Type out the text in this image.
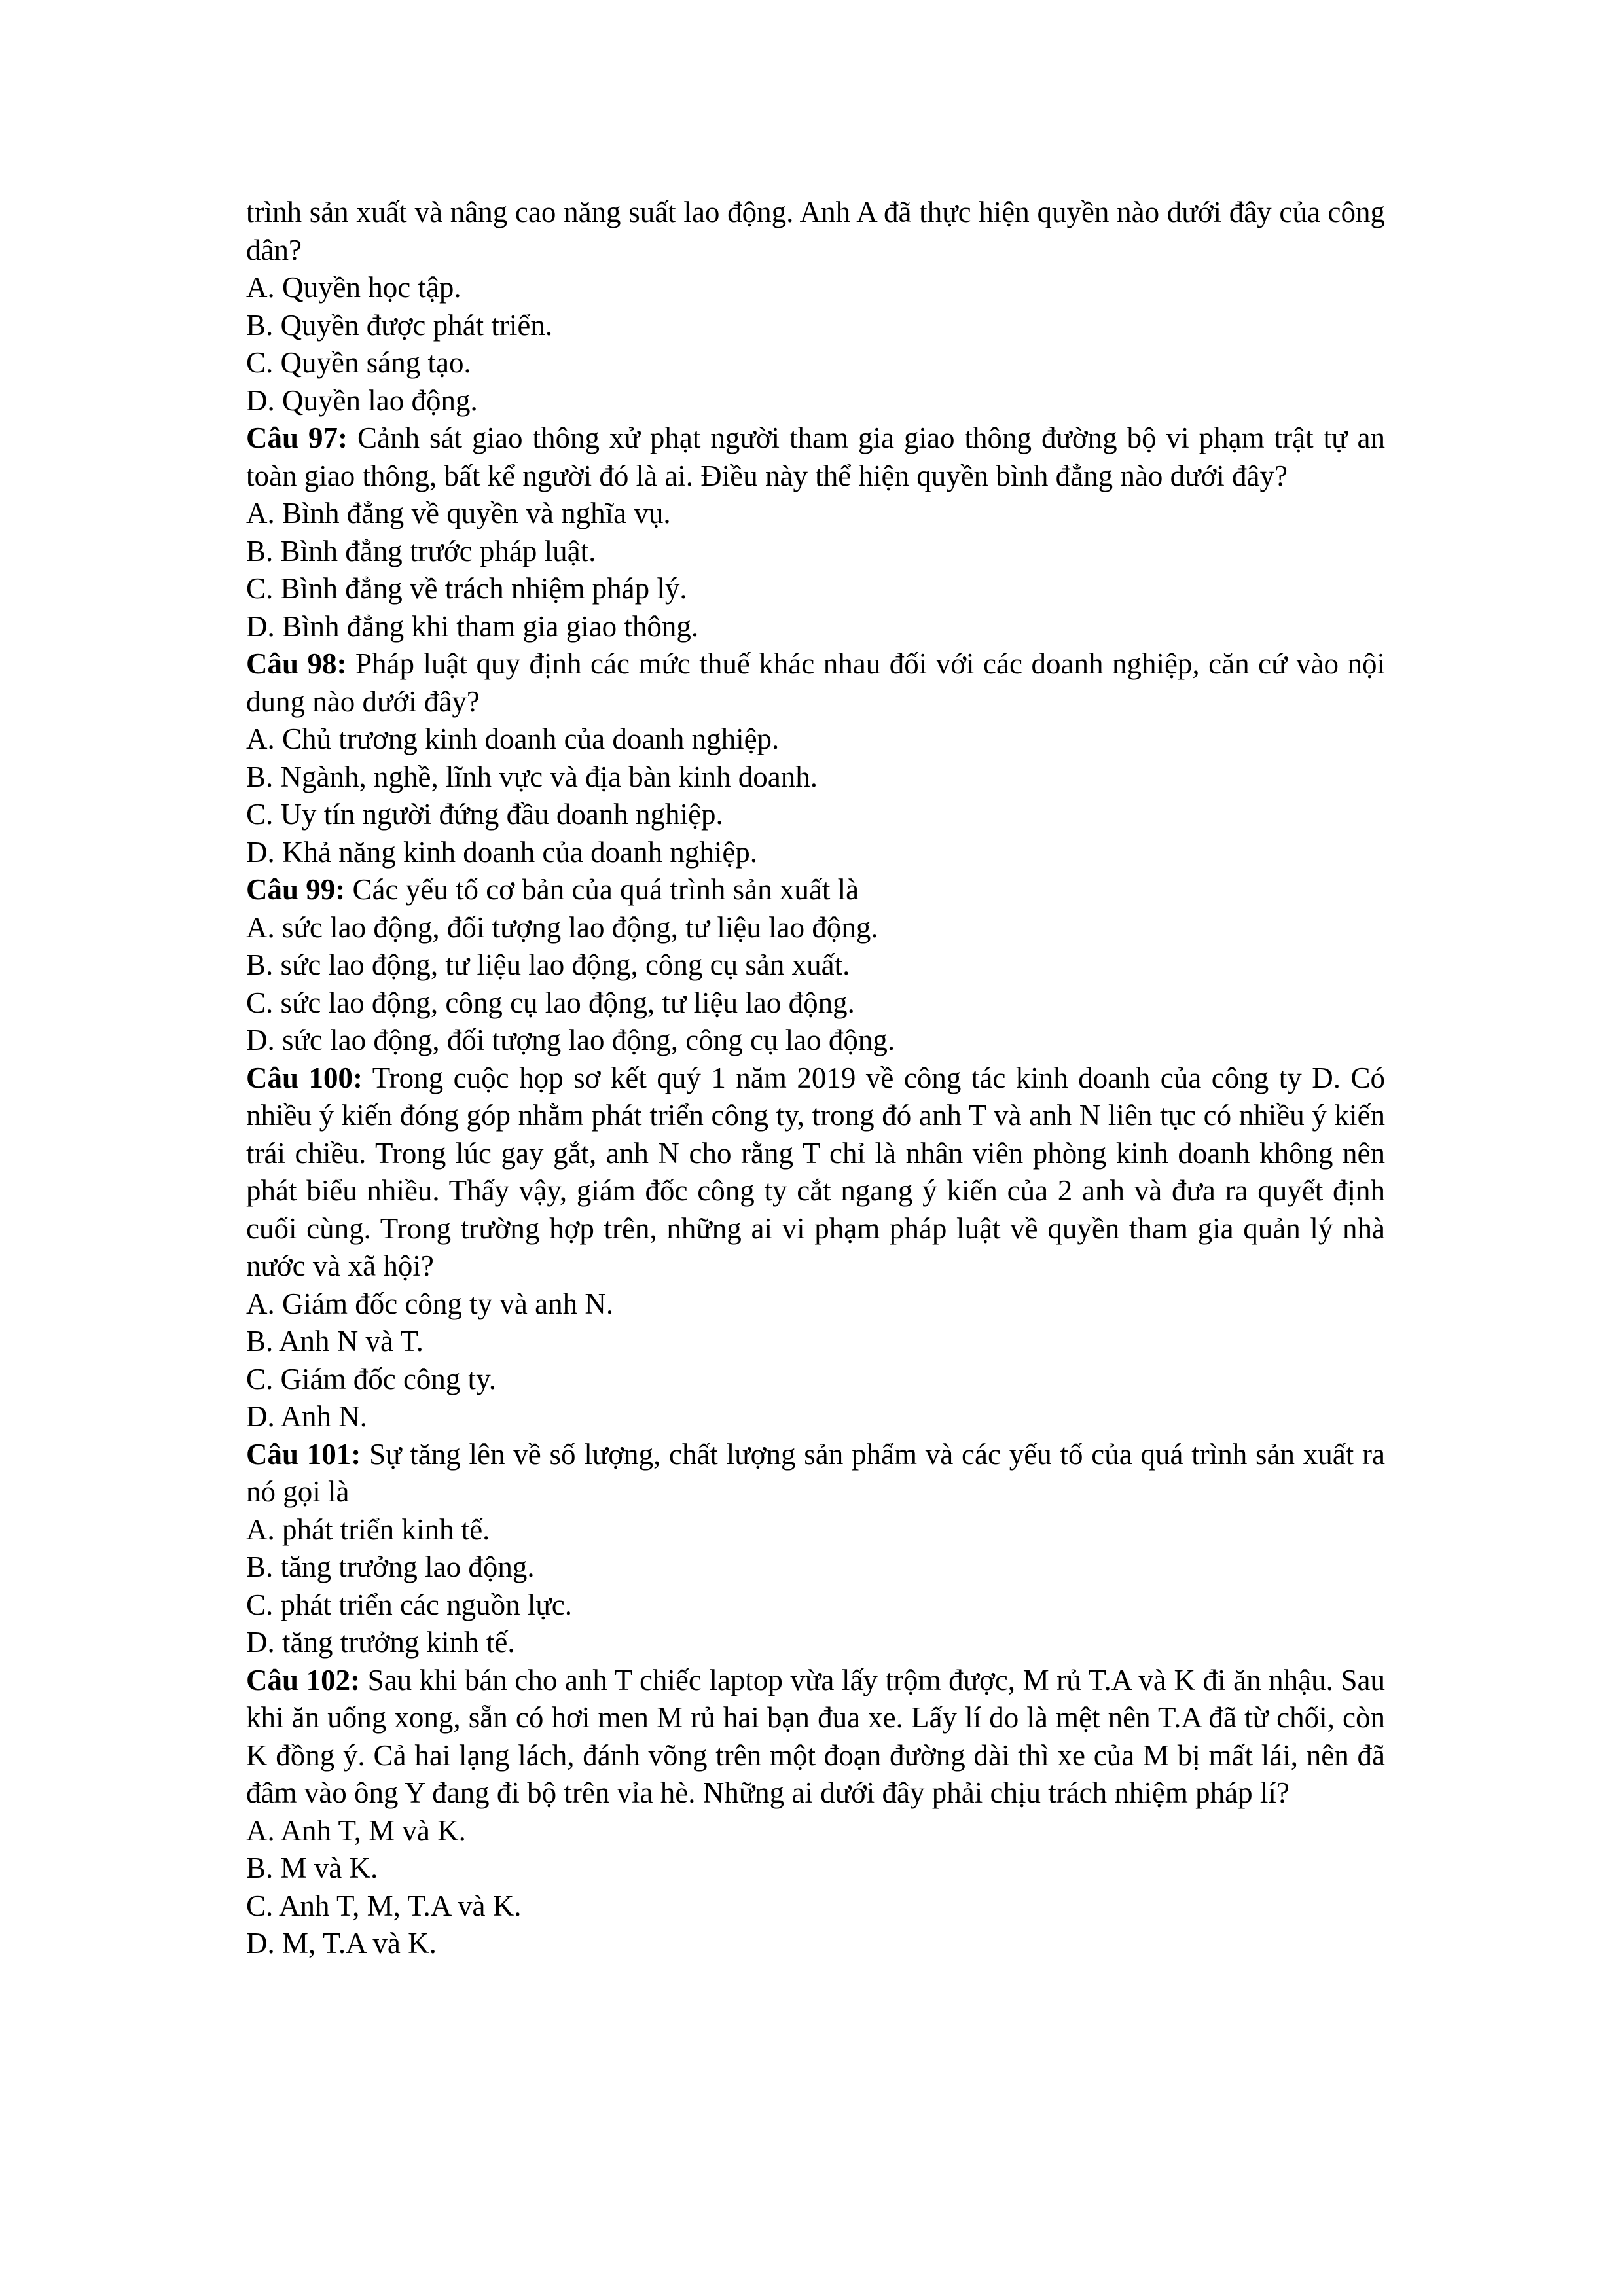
trình sản xuất và nâng cao năng suất lao động. Anh A đã thực hiện quyền nào dưới đây của công dân?

A. Quyền học tập.

B. Quyền được phát triển.

C. Quyền sáng tạo.

D. Quyền lao động.

Câu 97: Cảnh sát giao thông xử phạt người tham gia giao thông đường bộ vi phạm trật tự an toàn giao thông, bất kể người đó là ai. Điều này thể hiện quyền bình đẳng nào dưới đây?

A. Bình đẳng về quyền và nghĩa vụ.

B. Bình đẳng trước pháp luật.

C. Bình đẳng về trách nhiệm pháp lý.

D. Bình đẳng khi tham gia giao thông.

Câu 98: Pháp luật quy định các mức thuế khác nhau đối với các doanh nghiệp, căn cứ vào nội dung nào dưới đây?

A. Chủ trương kinh doanh của doanh nghiệp.

B. Ngành, nghề, lĩnh vực và địa bàn kinh doanh.

C. Uy tín người đứng đầu doanh nghiệp.

D. Khả năng kinh doanh của doanh nghiệp.

Câu 99: Các yếu tố cơ bản của quá trình sản xuất là

A. sức lao động, đối tượng lao động, tư liệu lao động.

B. sức lao động, tư liệu lao động, công cụ sản xuất.

C. sức lao động, công cụ lao động, tư liệu lao động.

D. sức lao động, đối tượng lao động, công cụ lao động.

Câu 100: Trong cuộc họp sơ kết quý 1 năm 2019 về công tác kinh doanh của công ty D. Có nhiều ý kiến đóng góp nhằm phát triển công ty, trong đó anh T và anh N liên tục có nhiều ý kiến trái chiều. Trong lúc gay gắt, anh N cho rằng T chỉ là nhân viên phòng kinh doanh không nên phát biểu nhiều. Thấy vậy, giám đốc công ty cắt ngang ý kiến của 2 anh và đưa ra quyết định cuối cùng. Trong trường hợp trên, những ai vi phạm pháp luật về quyền tham gia quản lý nhà nước và xã hội?

A. Giám đốc công ty và anh N.

B. Anh N và T.

C. Giám đốc công ty.

D. Anh N.

Câu 101: Sự tăng lên về số lượng, chất lượng sản phẩm và các yếu tố của quá trình sản xuất ra nó gọi là

A. phát triển kinh tế.

B. tăng trưởng lao động.

C. phát triển các nguồn lực.

D. tăng trưởng kinh tế.

Câu 102: Sau khi bán cho anh T chiếc laptop vừa lấy trộm được, M rủ T.A và K đi ăn nhậu. Sau khi ăn uống xong, sẵn có hơi men M rủ hai bạn đua xe. Lấy lí do là mệt nên T.A đã từ chối, còn K đồng ý. Cả hai lạng lách, đánh võng trên một đoạn đường dài thì xe của M bị mất lái, nên đã đâm vào ông Y đang đi bộ trên vỉa hè. Những ai dưới đây phải chịu trách nhiệm pháp lí?

A. Anh T, M và K.

B. M và K.

C. Anh T, M, T.A và K.

D. M, T.A và K.
